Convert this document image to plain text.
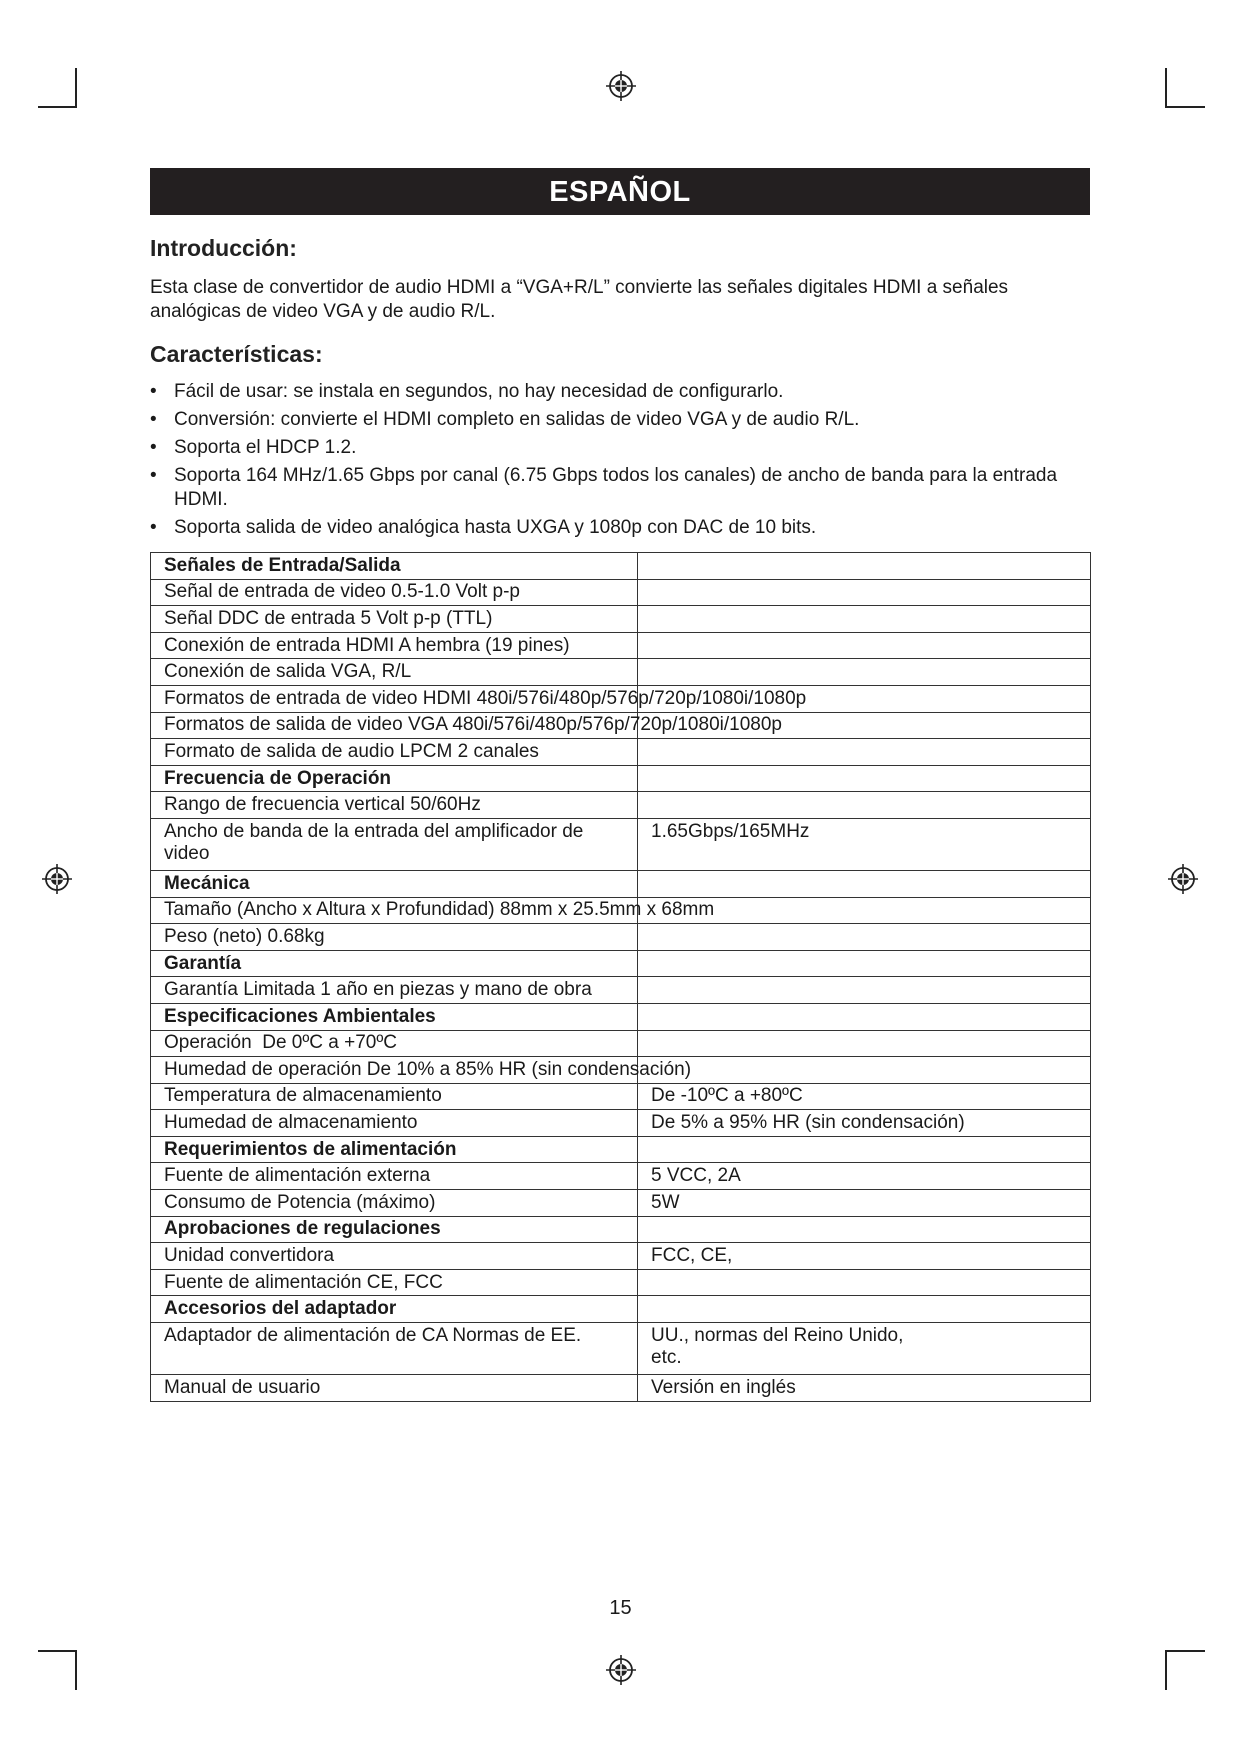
ESPAÑOL
Introducción:
Esta clase de convertidor de audio HDMI a “VGA+R/L” convierte las señales digitales HDMI a señales analógicas de video VGA y de audio R/L.
Características:
• Fácil de usar: se instala en segundos, no hay necesidad de configurarlo.
• Conversión: convierte el HDMI completo en salidas de video VGA y de audio R/L.
• Soporta el HDCP 1.2.
• Soporta 164 MHz/1.65 Gbps por canal (6.75 Gbps todos los canales) de ancho de banda para la entrada HDMI.
• Soporta salida de video analógica hasta UXGA y 1080p con DAC de 10 bits.
Señales de Entrada/Salida	
Señal de entrada de video 0.5-1.0 Volt p-p	
Señal DDC de entrada 5 Volt p-p (TTL)	
Conexión de entrada HDMI A hembra (19 pines)	
Conexión de salida VGA, R/L	

Formatos de entrada de video HDMI 480i/576i/480p/576p/720p/1080i/1080p	

Formatos de salida de video VGA 480i/576i/480p/576p/720p/1080i/1080p	

Formato de salida de audio LPCM 2 canales	
Frecuencia de Operación	
Rango de frecuencia vertical 50/60Hz	
Ancho de banda de la entrada del amplificador de video	1.65Gbps/165MHz
Mecánica	

Tamaño (Ancho x Altura x Profundidad) 88mm x 25.5mm x 68mm	

Peso (neto) 0.68kg	
Garantía	

Garantía Limitada 1 año en piezas y mano de obra	

Especificaciones Ambientales	
Operación  De 0ºC a +70ºC	

Humedad de operación De 10% a 85% HR (sin condensación)	

Temperatura de almacenamiento	De -10ºC a +80ºC
Humedad de almacenamiento	De 5% a 95% HR (sin condensación)
Requerimientos de alimentación	
Fuente de alimentación externa	5 VCC, 2A
Consumo de Potencia (máximo)	5W
Aprobaciones de regulaciones	
Unidad convertidora	FCC, CE,
Fuente de alimentación CE, FCC	
Accesorios del adaptador	
Adaptador de alimentación de CA Normas de EE.	UU., normas del Reino Unido, etc.
Manual de usuario	Versión en inglés
15
